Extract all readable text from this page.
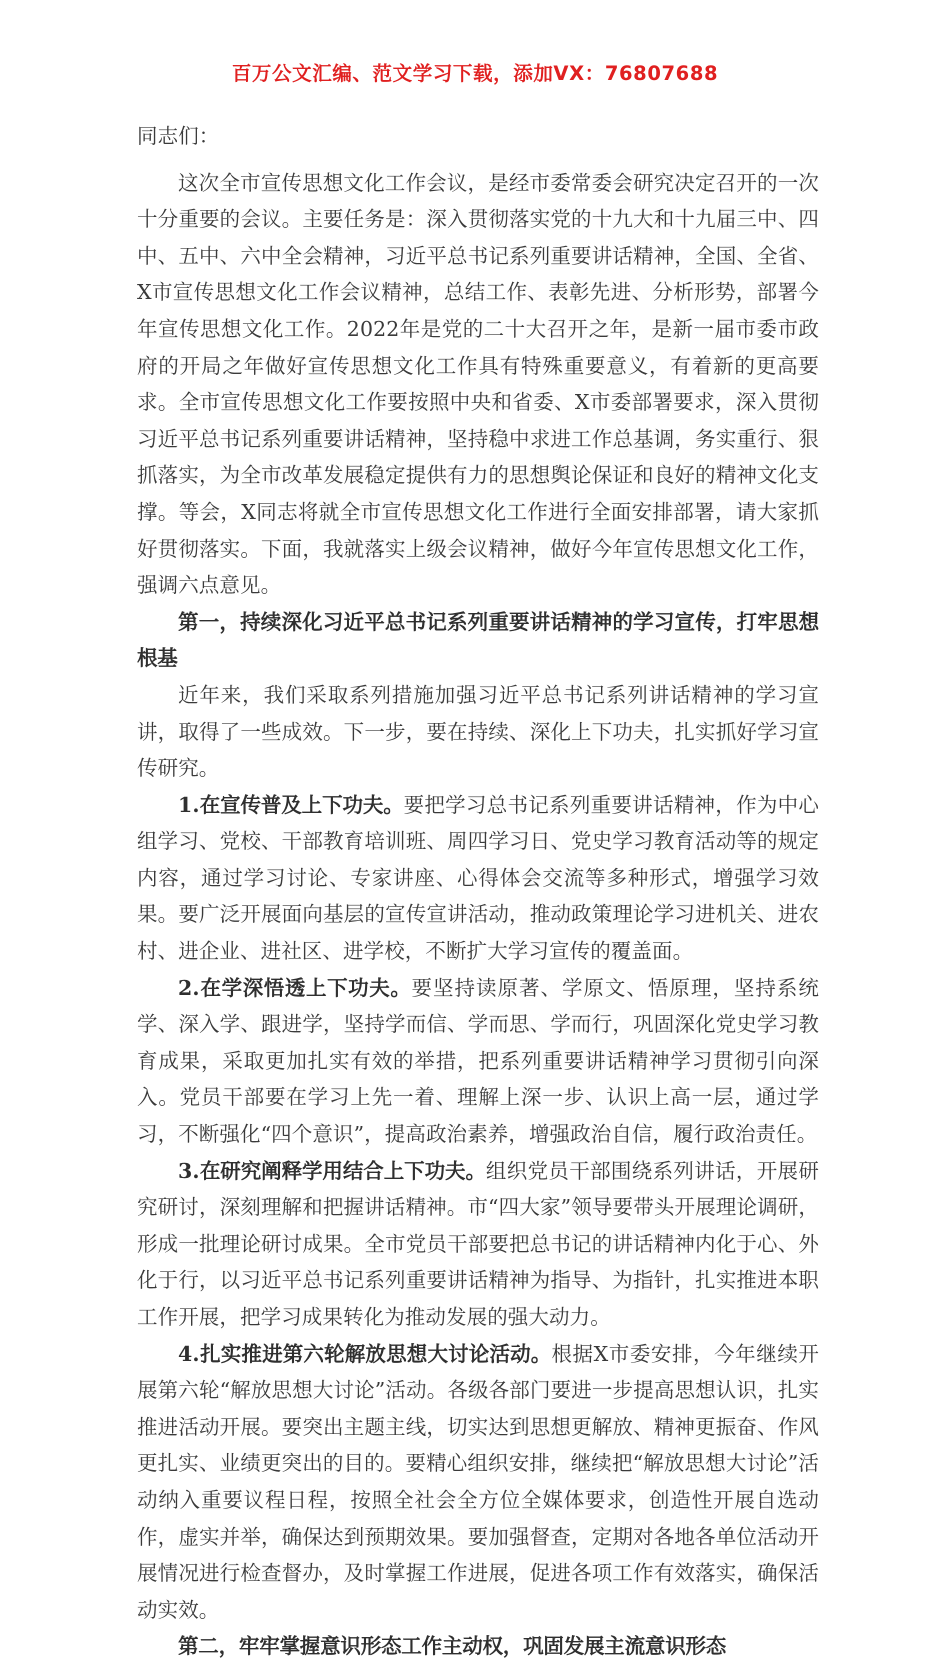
百万公文汇编、范文学习下载，添加VX：76807688

同志们：

这次全市宣传思想文化工作会议，是经市委常委会研究决定召开的一次十分重要的会议。主要任务是：深入贯彻落实党的十九大和十九届三中、四中、五中、六中全会精神，习近平总书记系列重要讲话精神，全国、全省、X市宣传思想文化工作会议精神，总结工作、表彰先进、分析形势，部署今年宣传思想文化工作。2022年是党的二十大召开之年，是新一届市委市政府的开局之年做好宣传思想文化工作具有特殊重要意义，有着新的更高要求。全市宣传思想文化工作要按照中央和省委、X市委部署要求，深入贯彻习近平总书记系列重要讲话精神，坚持稳中求进工作总基调，务实重行、狠抓落实，为全市改革发展稳定提供有力的思想舆论保证和良好的精神文化支撑。等会，X同志将就全市宣传思想文化工作进行全面安排部署，请大家抓好贯彻落实。下面，我就落实上级会议精神，做好今年宣传思想文化工作，强调六点意见。

第一，持续深化习近平总书记系列重要讲话精神的学习宣传，打牢思想根基

近年来，我们采取系列措施加强习近平总书记系列讲话精神的学习宣讲，取得了一些成效。下一步，要在持续、深化上下功夫，扎实抓好学习宣传研究。

1.在宣传普及上下功夫。要把学习总书记系列重要讲话精神，作为中心组学习、党校、干部教育培训班、周四学习日、党史学习教育活动等的规定内容，通过学习讨论、专家讲座、心得体会交流等多种形式，增强学习效果。要广泛开展面向基层的宣传宣讲活动，推动政策理论学习进机关、进农村、进企业、进社区、进学校，不断扩大学习宣传的覆盖面。

2.在学深悟透上下功夫。要坚持读原著、学原文、悟原理，坚持系统学、深入学、跟进学，坚持学而信、学而思、学而行，巩固深化党史学习教育成果，采取更加扎实有效的举措，把系列重要讲话精神学习贯彻引向深入。党员干部要在学习上先一着、理解上深一步、认识上高一层，通过学习，不断强化“四个意识”，提高政治素养，增强政治自信，履行政治责任。

3.在研究阐释学用结合上下功夫。组织党员干部围绕系列讲话，开展研究研讨，深刻理解和把握讲话精神。市“四大家”领导要带头开展理论调研，形成一批理论研讨成果。全市党员干部要把总书记的讲话精神内化于心、外化于行，以习近平总书记系列重要讲话精神为指导、为指针，扎实推进本职工作开展，把学习成果转化为推动发展的强大动力。

4.扎实推进第六轮解放思想大讨论活动。根据X市委安排，今年继续开展第六轮“解放思想大讨论”活动。各级各部门要进一步提高思想认识，扎实推进活动开展。要突出主题主线，切实达到思想更解放、精神更振奋、作风更扎实、业绩更突出的目的。要精心组织安排，继续把“解放思想大讨论”活动纳入重要议程日程，按照全社会全方位全媒体要求，创造性开展自选动作，虚实并举，确保达到预期效果。要加强督查，定期对各地各单位活动开展情况进行检查督办，及时掌握工作进展，促进各项工作有效落实，确保活动实效。

第二，牢牢掌握意识形态工作主动权，巩固发展主流意识形态
